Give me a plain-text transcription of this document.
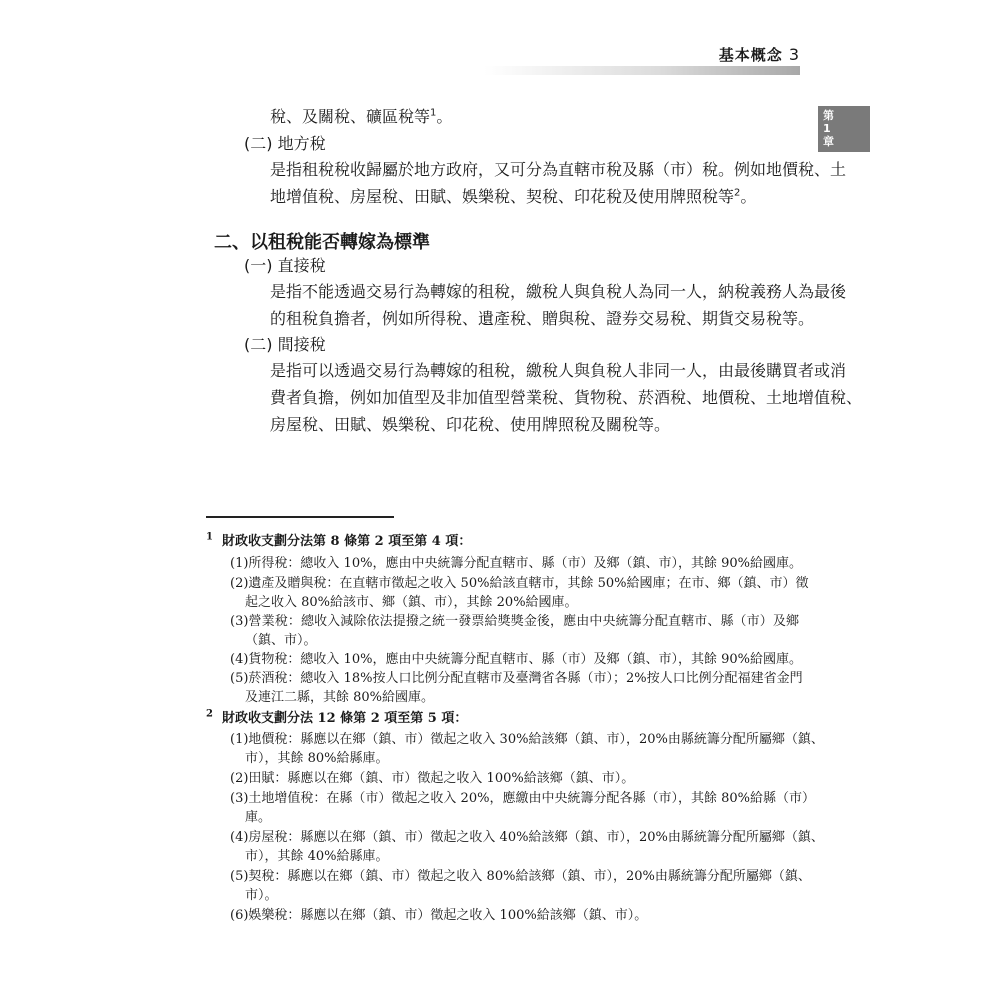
基本概念 3
第
1
章
稅、及關稅、礦區稅等$^1$。
(二) 地方稅
是指租稅稅收歸屬於地方政府，又可分為直轄市稅及縣（市）稅。例如地價稅、土
地增值稅、房屋稅、田賦、娛樂稅、契稅、印花稅及使用牌照稅等$^2$。
二、以租稅能否轉嫁為標準
(一) 直接稅
是指不能透過交易行為轉嫁的租稅，繳稅人與負稅人為同一人，納稅義務人為最後
的租稅負擔者，例如所得稅、遺產稅、贈與稅、證券交易稅、期貨交易稅等。
(二) 間接稅
是指可以透過交易行為轉嫁的租稅，繳稅人與負稅人非同一人，由最後購買者或消
費者負擔，例如加值型及非加值型營業稅、貨物稅、菸酒稅、地價稅、土地增值稅、
房屋稅、田賦、娛樂稅、印花稅、使用牌照稅及關稅等。
$^1$ 財政收支劃分法第 8 條第 2 項至第 4 項：
(1)所得稅：總收入 10%，應由中央統籌分配直轄市、縣（市）及鄉（鎮、市），其餘 90%給國庫。
(2)遺產及贈與稅：在直轄市徵起之收入 50%給該直轄市，其餘 50%給國庫；在市、鄉（鎮、市）徵
起之收入 80%給該市、鄉（鎮、市），其餘 20%給國庫。
(3)營業稅：總收入減除依法提撥之統一發票給獎獎金後，應由中央統籌分配直轄市、縣（市）及鄉
（鎮、市）。
(4)貨物稅：總收入 10%，應由中央統籌分配直轄市、縣（市）及鄉（鎮、市），其餘 90%給國庫。
(5)菸酒稅：總收入 18%按人口比例分配直轄市及臺灣省各縣（市）；2%按人口比例分配福建省金門
及連江二縣，其餘 80%給國庫。
$^2$ 財政收支劃分法 12 條第 2 項至第 5 項：
(1)地價稅：縣應以在鄉（鎮、市）徵起之收入 30%給該鄉（鎮、市），20%由縣統籌分配所屬鄉（鎮、
市），其餘 80%給縣庫。
(2)田賦：縣應以在鄉（鎮、市）徵起之收入 100%給該鄉（鎮、市）。
(3)土地增值稅：在縣（市）徵起之收入 20%，應繳由中央統籌分配各縣（市），其餘 80%給縣（市）
庫。
(4)房屋稅：縣應以在鄉（鎮、市）徵起之收入 40%給該鄉（鎮、市），20%由縣統籌分配所屬鄉（鎮、
市），其餘 40%給縣庫。
(5)契稅：縣應以在鄉（鎮、市）徵起之收入 80%給該鄉（鎮、市），20%由縣統籌分配所屬鄉（鎮、
市）。
(6)娛樂稅：縣應以在鄉（鎮、市）徵起之收入 100%給該鄉（鎮、市）。
